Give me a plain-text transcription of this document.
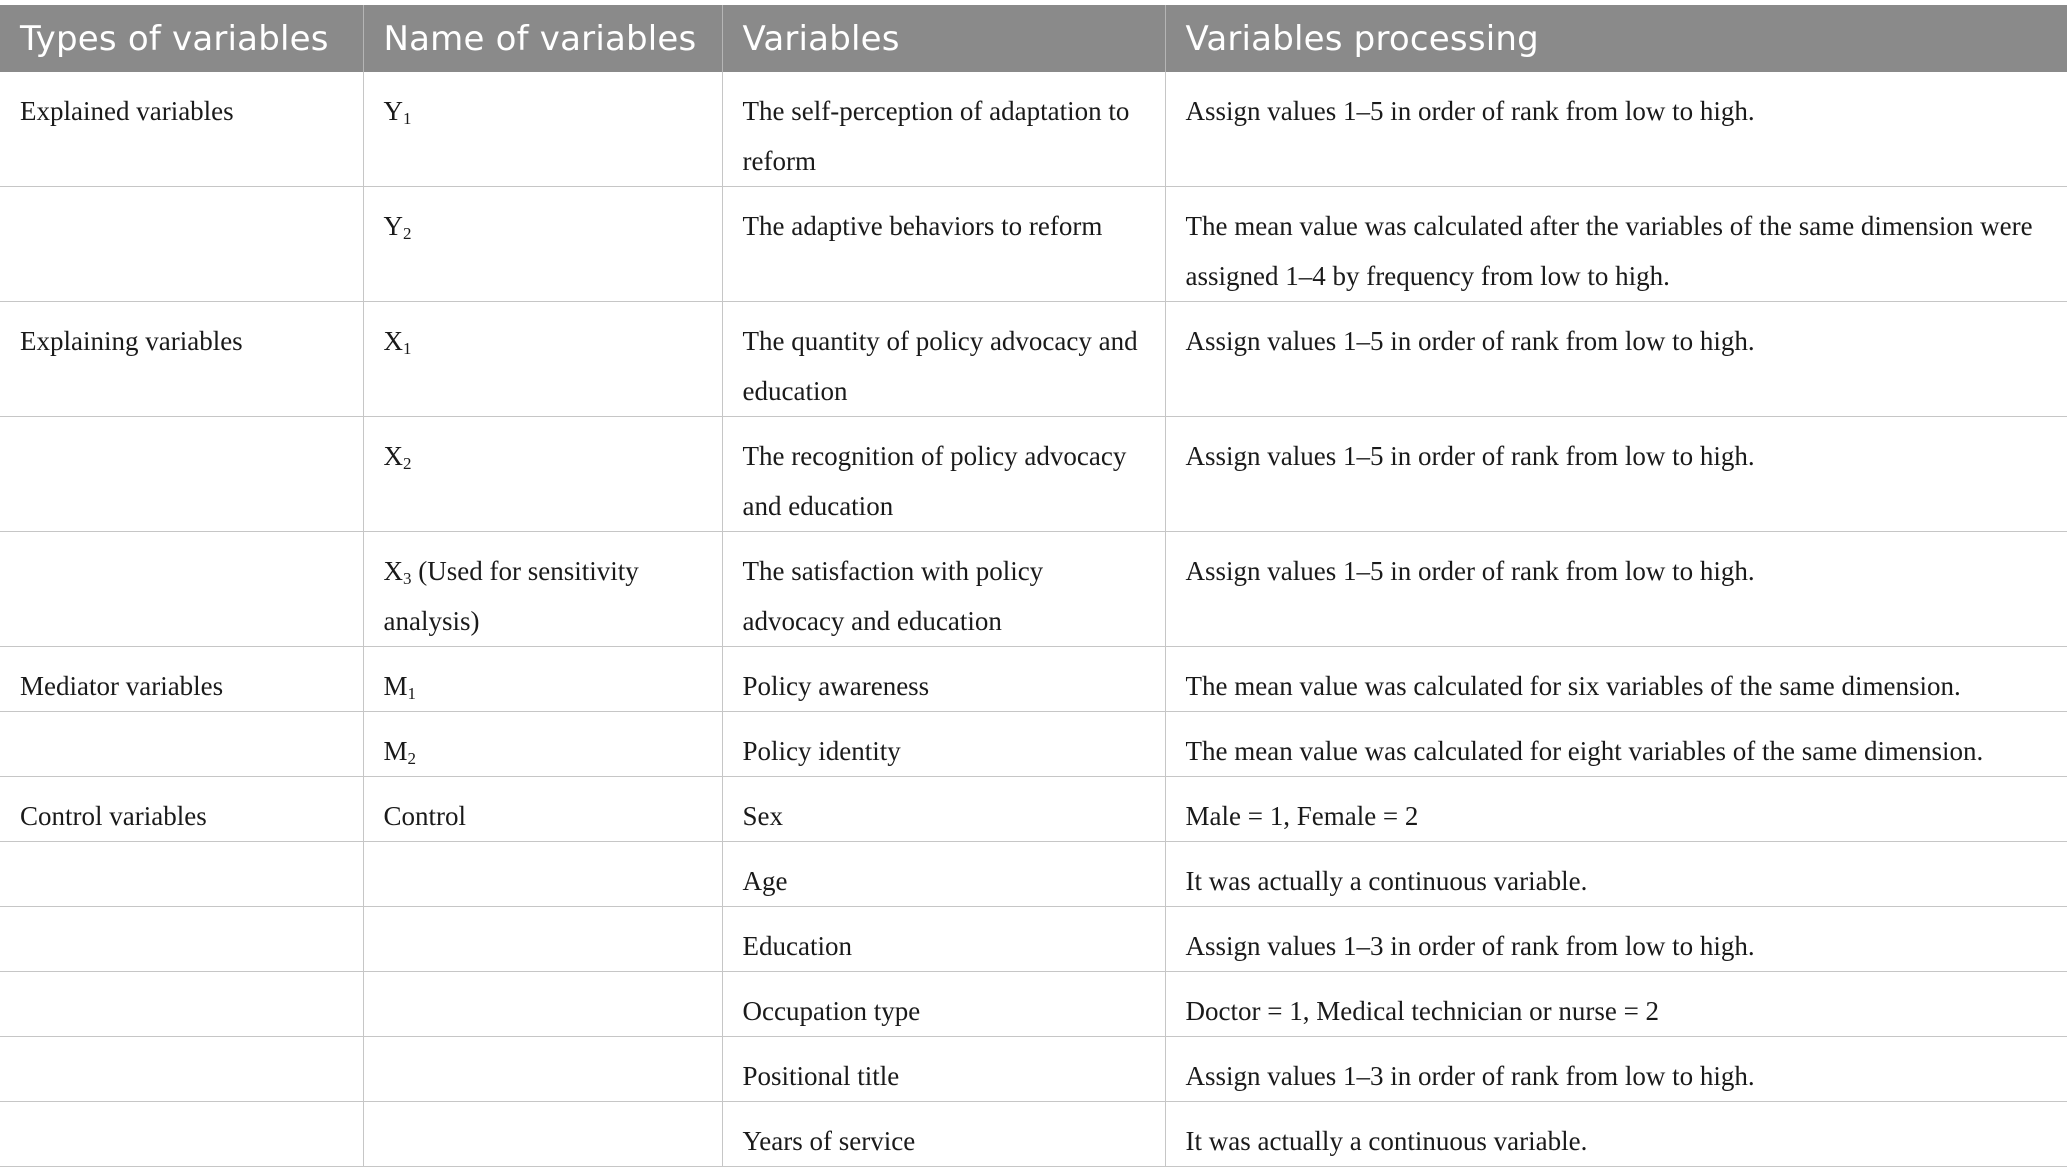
Types of variables	Name of variables	Variables	Variables processing
Explained variables	$Y_1$	The self-perception of adaptation to reform	Assign values 1–5 in order of rank from low to high.
	$Y_2$	The adaptive behaviors to reform	The mean value was calculated after the variables of the same dimension were assigned 1–4 by frequency from low to high.
Explaining variables	$X_1$	The quantity of policy advocacy and education	Assign values 1–5 in order of rank from low to high.
	$X_2$	The recognition of policy advocacy and education	Assign values 1–5 in order of rank from low to high.
	$X_3$ (Used for sensitivity analysis)	The satisfaction with policy advocacy and education	Assign values 1–5 in order of rank from low to high.
Mediator variables	$M_1$	Policy awareness	The mean value was calculated for six variables of the same dimension.
	$M_2$	Policy identity	The mean value was calculated for eight variables of the same dimension.
Control variables	Control	Sex	Male = 1, Female = 2
		Age	It was actually a continuous variable.
		Education	Assign values 1–3 in order of rank from low to high.
		Occupation type	Doctor = 1, Medical technician or nurse = 2
		Positional title	Assign values 1–3 in order of rank from low to high.
		Years of service	It was actually a continuous variable.
